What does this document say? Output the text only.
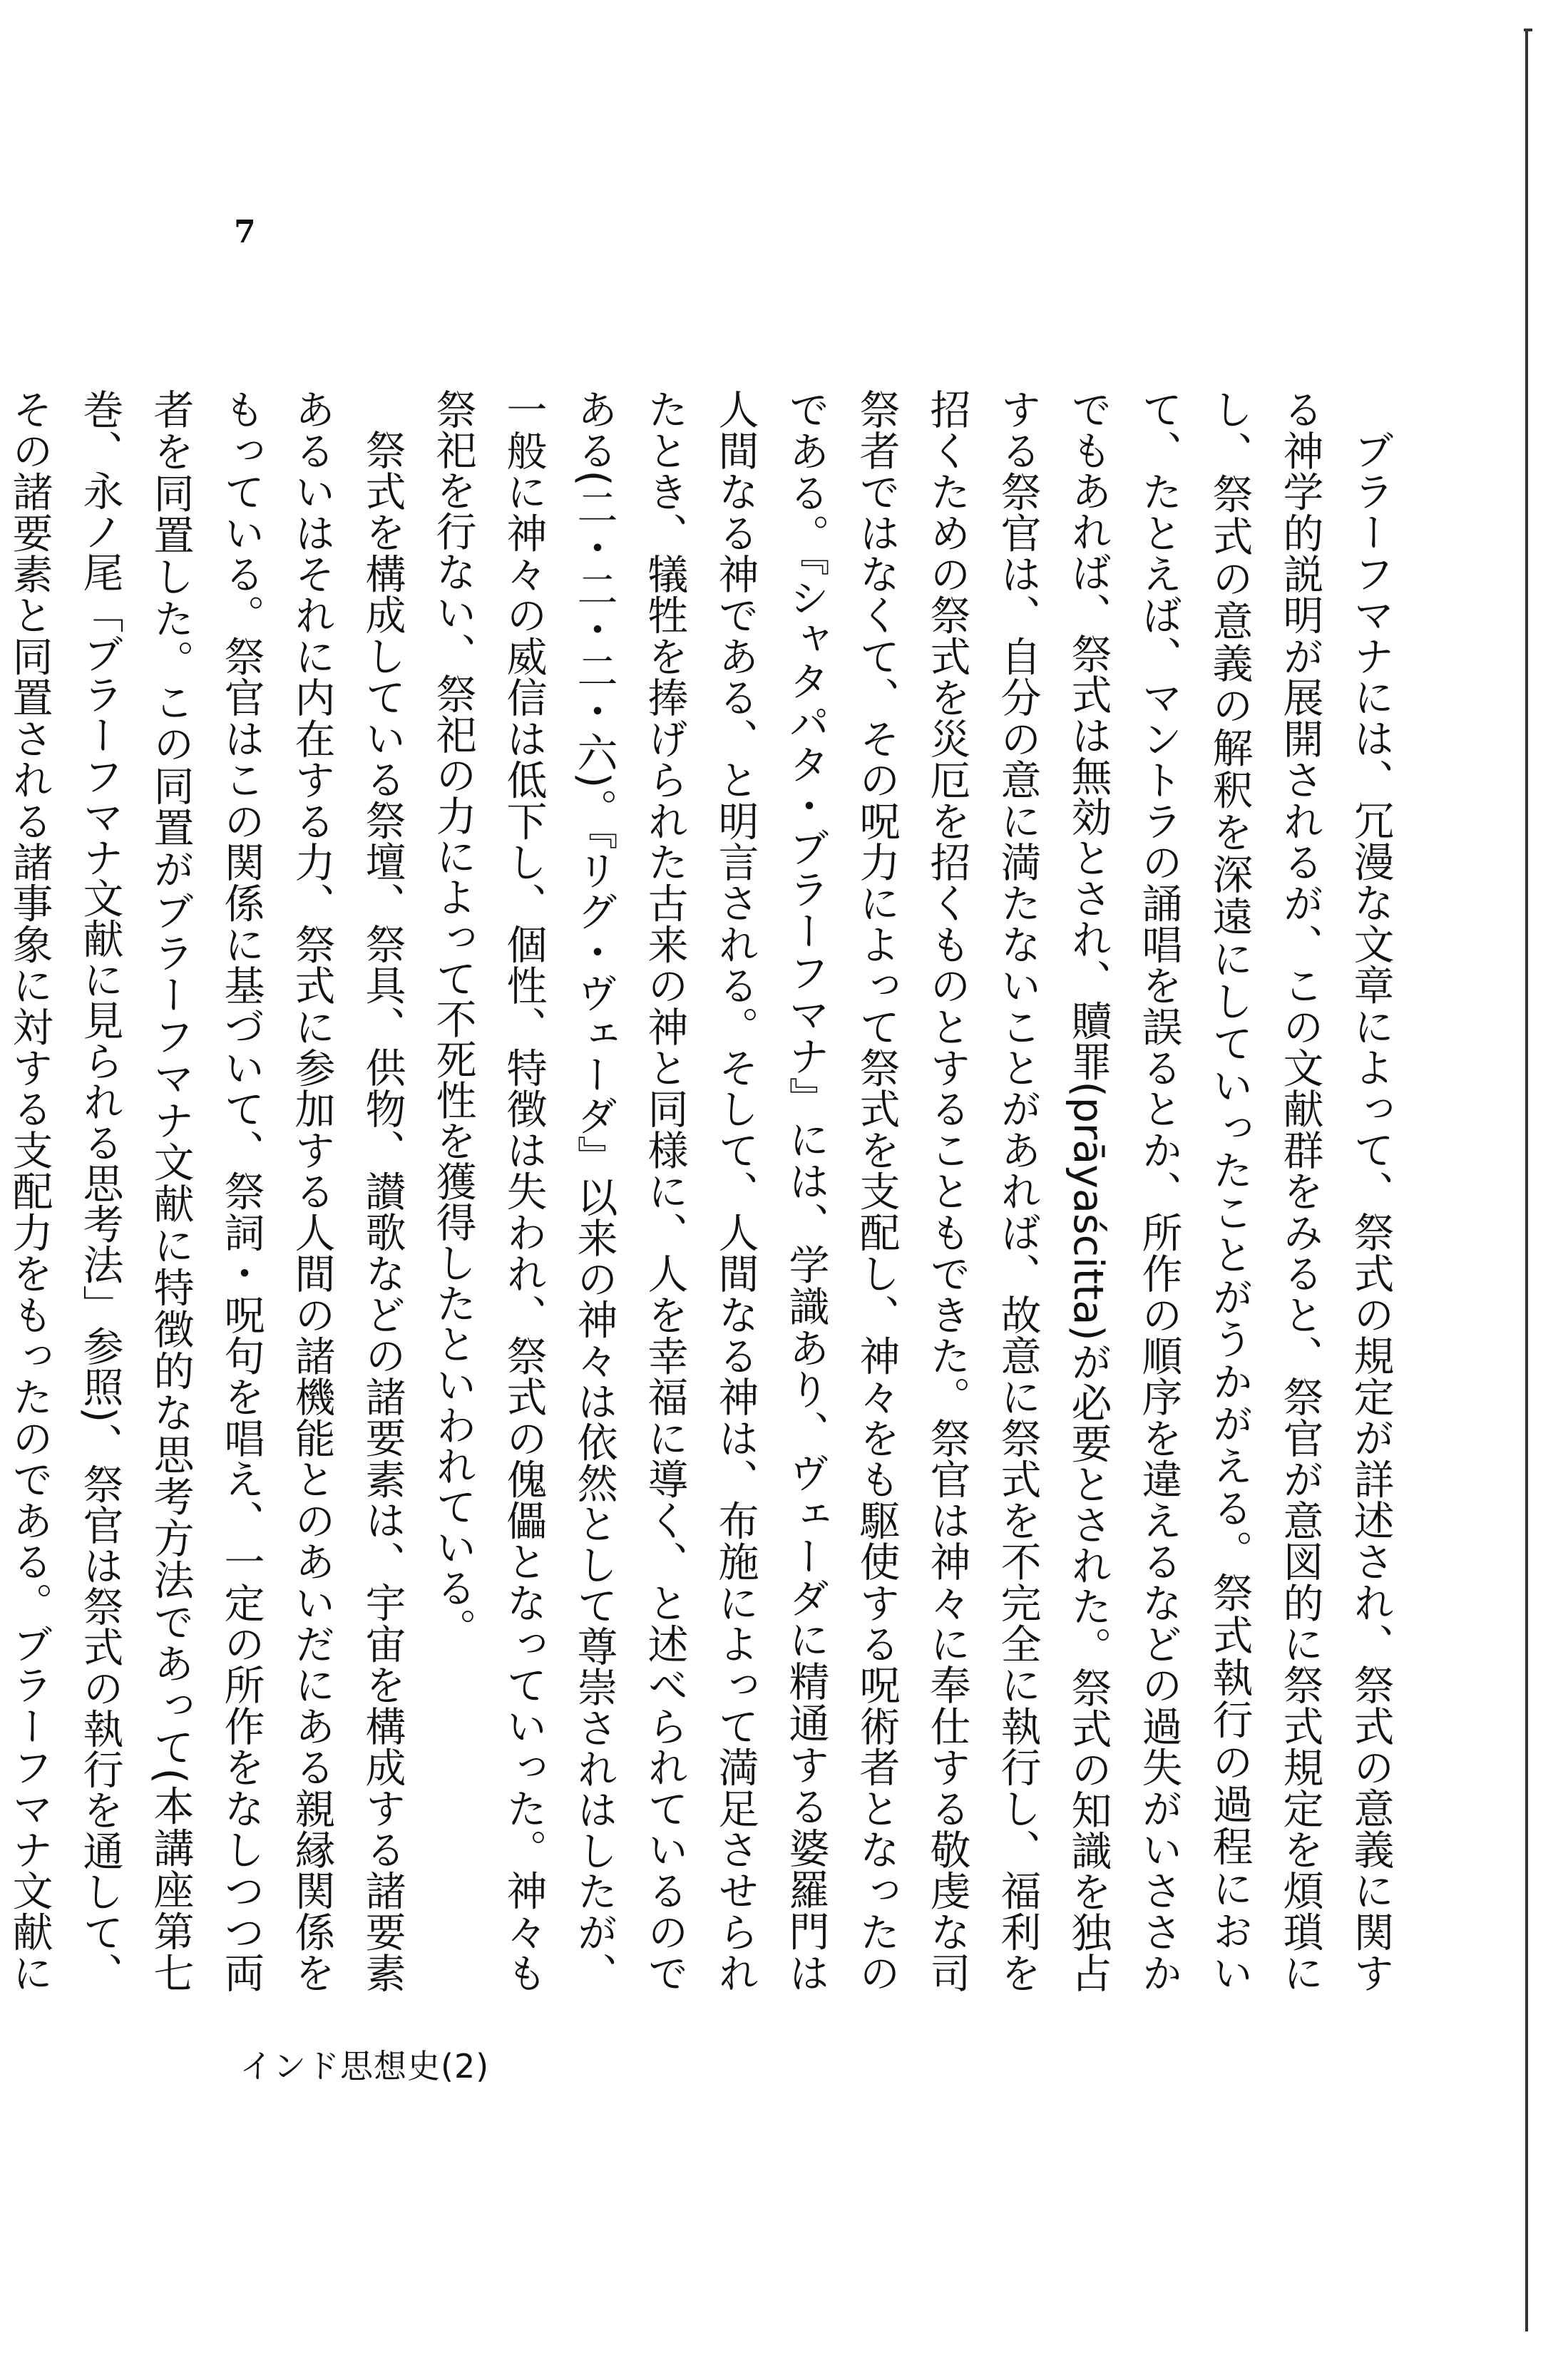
7

ブラーフマナには、冗漫な文章によって、祭式の規定が詳述され、祭式の意義に関する神学的説明が展開されるが、この文献群をみると、祭官が意図的に祭式規定を煩瑣にし、祭式の意義の解釈を深遠にしていったことがうかがえる。祭式執行の過程において、たとえば、マントラの誦唱を誤るとか、所作の順序を違えるなどの過失がいささかでもあれば、祭式は無効とされ、贖罪(prāyaścitta)が必要とされた。祭式の知識を独占する祭官は、自分の意に満たないことがあれば、故意に祭式を不完全に執行し、福利を招くための祭式を災厄を招くものとすることもできた。祭官は神々に奉仕する敬虔な司祭者ではなくて、その呪力によって祭式を支配し、神々をも駆使する呪術者となったのである。『シャタパタ・ブラーフマナ』には、学識あり、ヴェーダに精通する婆羅門は人間なる神である、と明言される。そして、人間なる神は、布施によって満足させられたとき、犠牲を捧げられた古来の神と同様に、人を幸福に導く、と述べられているのである(二・二・二・六)。『リグ・ヴェーダ』以来の神々は依然として尊崇されはしたが、一般に神々の威信は低下し、個性、特徴は失われ、祭式の傀儡となっていった。神々も祭祀を行ない、祭祀の力によって不死性を獲得したといわれている。

祭式を構成している祭壇、祭具、供物、讃歌などの諸要素は、宇宙を構成する諸要素あるいはそれに内在する力、祭式に参加する人間の諸機能とのあいだにある親縁関係をもっている。祭官はこの関係に基づいて、祭詞・呪句を唱え、一定の所作をなしつつ両者を同置した。この同置がブラーフマナ文献に特徴的な思考方法であって(本講座第七巻、永ノ尾「ブラーフマナ文献に見られる思考法」参照)、祭官は祭式の執行を通して、その諸要素と同置される諸事象に対する支配力をもったのである。ブラーフマナ文献に

インド思想史(2)
